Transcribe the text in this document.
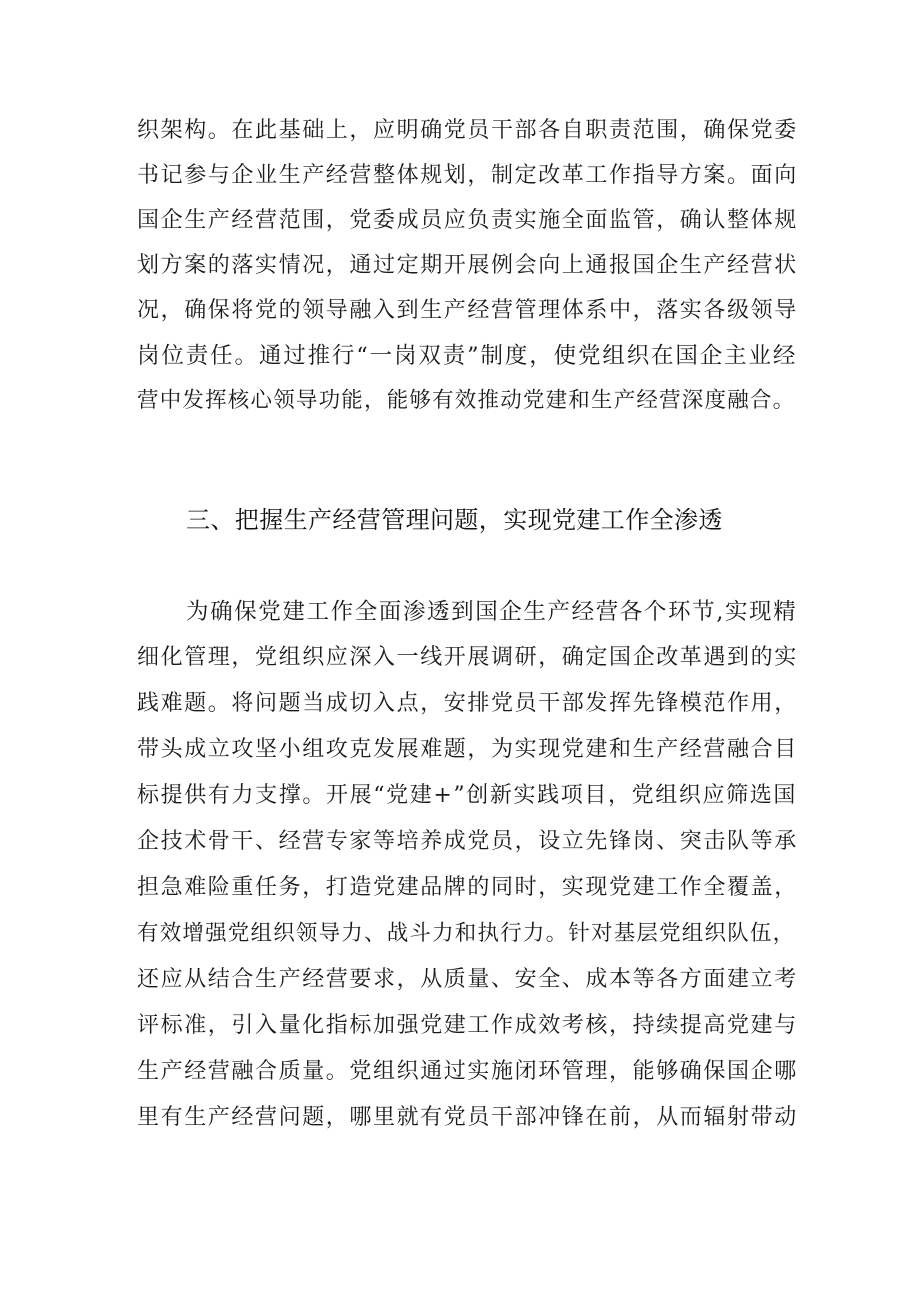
织架构。在此基础上，应明确党员干部各自职责范围，确保党委
书记参与企业生产经营整体规划，制定改革工作指导方案。面向
国企生产经营范围，党委成员应负责实施全面监管，确认整体规
划方案的落实情况，通过定期开展例会向上通报国企生产经营状
况，确保将党的领导融入到生产经营管理体系中，落实各级领导
岗位责任。通过推行“一岗双责”制度，使党组织在国企主业经
营中发挥核心领导功能，能够有效推动党建和生产经营深度融合。
三、把握生产经营管理问题，实现党建工作全渗透
为确保党建工作全面渗透到国企生产经营各个环节,实现精
细化管理，党组织应深入一线开展调研，确定国企改革遇到的实
践难题。将问题当成切入点，安排党员干部发挥先锋模范作用，
带头成立攻坚小组攻克发展难题，为实现党建和生产经营融合目
标提供有力支撑。开展“党建+”创新实践项目，党组织应筛选国
企技术骨干、经营专家等培养成党员，设立先锋岗、突击队等承
担急难险重任务，打造党建品牌的同时，实现党建工作全覆盖，
有效增强党组织领导力、战斗力和执行力。针对基层党组织队伍，
还应从结合生产经营要求，从质量、安全、成本等各方面建立考
评标准，引入量化指标加强党建工作成效考核，持续提高党建与
生产经营融合质量。党组织通过实施闭环管理，能够确保国企哪
里有生产经营问题，哪里就有党员干部冲锋在前，从而辐射带动
